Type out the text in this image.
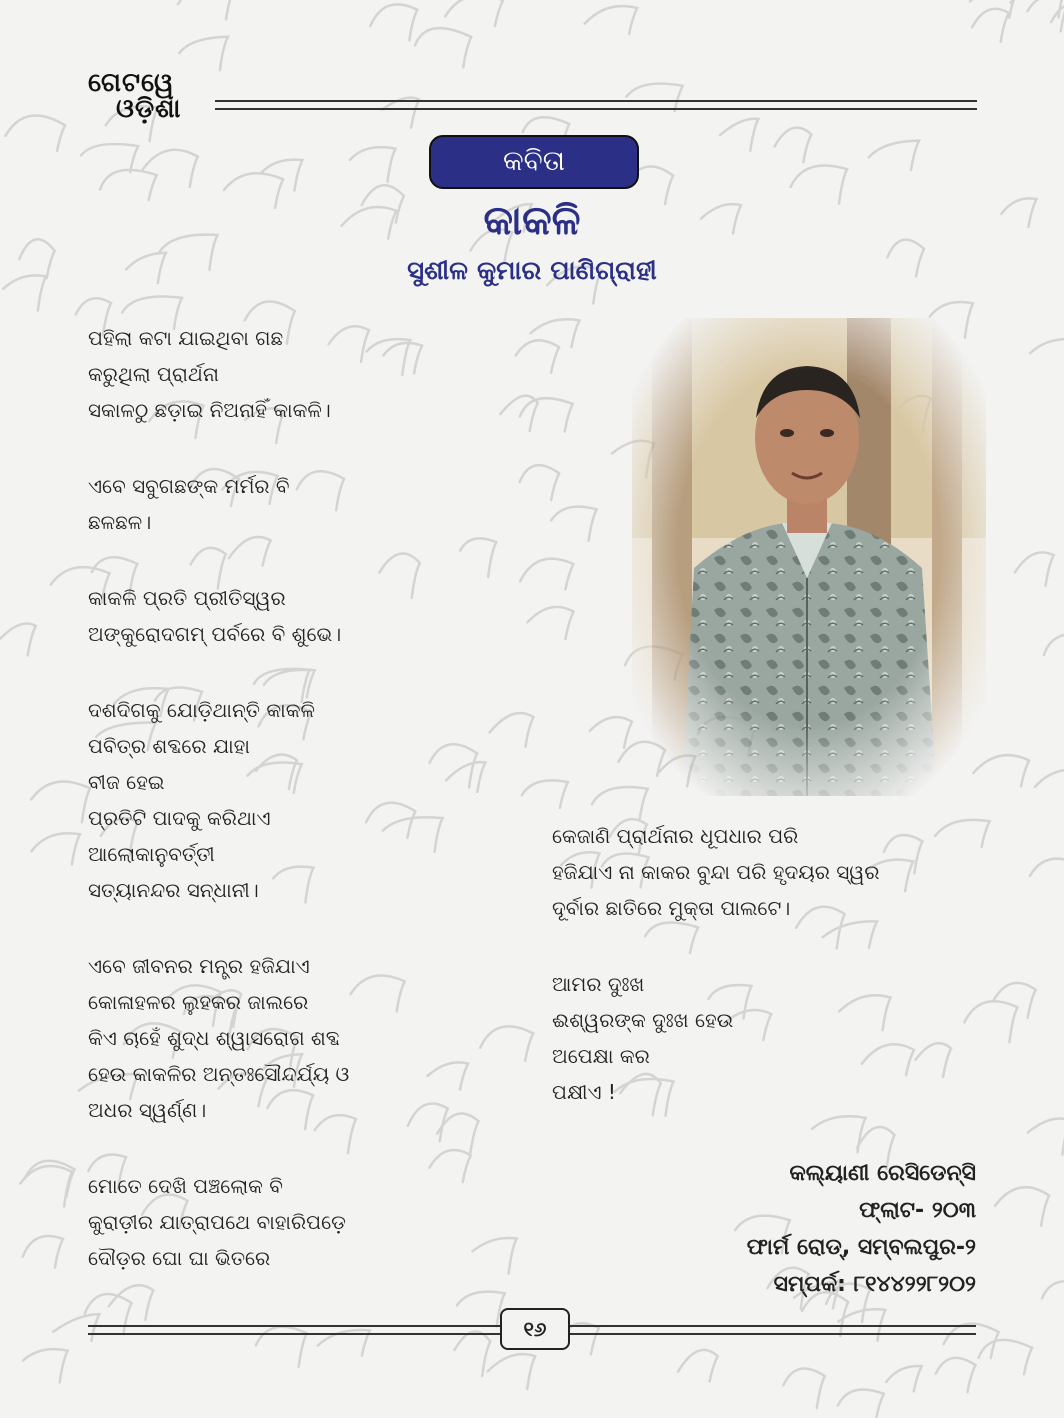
ଗେଟୱେ
ଓଡ଼ିଶା
କବିତା
କାକଳି
ସୁଶୀଳ କୁମାର ପାଣିଗ୍ରାହୀ
ପହିଲା କଟା ଯାଇଥିବା ଗଛ
କରୁଥିଲା ପ୍ରାର୍ଥନା
ସକାଳଠୁ ଛଡ଼ାଇ ନିଅନାହିଁ କାକଳି।
ଏବେ ସବୁଗଛଙ୍କ ମର୍ମର ବି
ଛଳଛଳ।
କାକଳି ପ୍ରତି ପ୍ରୀତିସ୍ୱର
ଅଙ୍କୁରୋଦଗମ୍ ପର୍ବରେ ବି ଶୁଭେ।
ଦଶଦିଗକୁ ଯୋଡ଼ିଥାନ୍ତି କାକଳି
ପବିତ୍ର ଶବ୍ଦରେ ଯାହା
ବୀଜ ହେଇ
ପ୍ରତିଟି ପାଦକୁ କରିଥାଏ
ଆଲୋକାନୁବର୍ତ୍ତୀ
ସତ୍ୟାନନ୍ଦର ସନ୍ଧାନୀ।
ଏବେ ଜୀବନର ମନ୍ତ୍ର ହଜିଯାଏ
କୋଳାହଳର ଲୁହକର ଜାଲରେ
କିଏ ଚାହେଁ ଶୁଦ୍ଧ ଶ୍ୱାସରୋଗ ଶବ୍ଦ
ହେଉ କାକଳିର ଅନ୍ତଃସୌନ୍ଦର୍ଯ୍ୟ ଓ
ଅଧର ସ୍ୱର୍ଣ୍ଣ।
ମୋତେ ଦେଖି ପଞ୍ଚଲୋକ ବି
କୁରାଡ଼ୀର ଯାତ୍ରାପଥେ ବାହାରିପଡ଼େ
ଦୌଡ଼ର ଘୋ ଘା ଭିତରେ
କେଜାଣି ପ୍ରାର୍ଥନାର ଧୂପଧାର ପରି
ହଜିଯାଏ ନା କାକର ବୁନ୍ଦା ପରି ହୃଦୟର ସ୍ୱର
ଦୂର୍ବାର ଛାତିରେ ମୁକ୍ତା ପାଲଟେ।
ଆମର ଦୁଃଖ
ଈଶ୍ୱରଙ୍କ ଦୁଃଖ ହେଉ
ଅପେକ୍ଷା କର
ପକ୍ଷୀଏ !
କଲ୍ୟାଣୀ ରେସିଡେନ୍ସି
ଫ୍ଲାଟ- ୨୦୩
ଫାର୍ମ ରୋଡ୍, ସମ୍ବଲପୁର-୨
ସମ୍ପର୍କ: ୮୧୪୪୨୨୮୨୦୨
୧୬
